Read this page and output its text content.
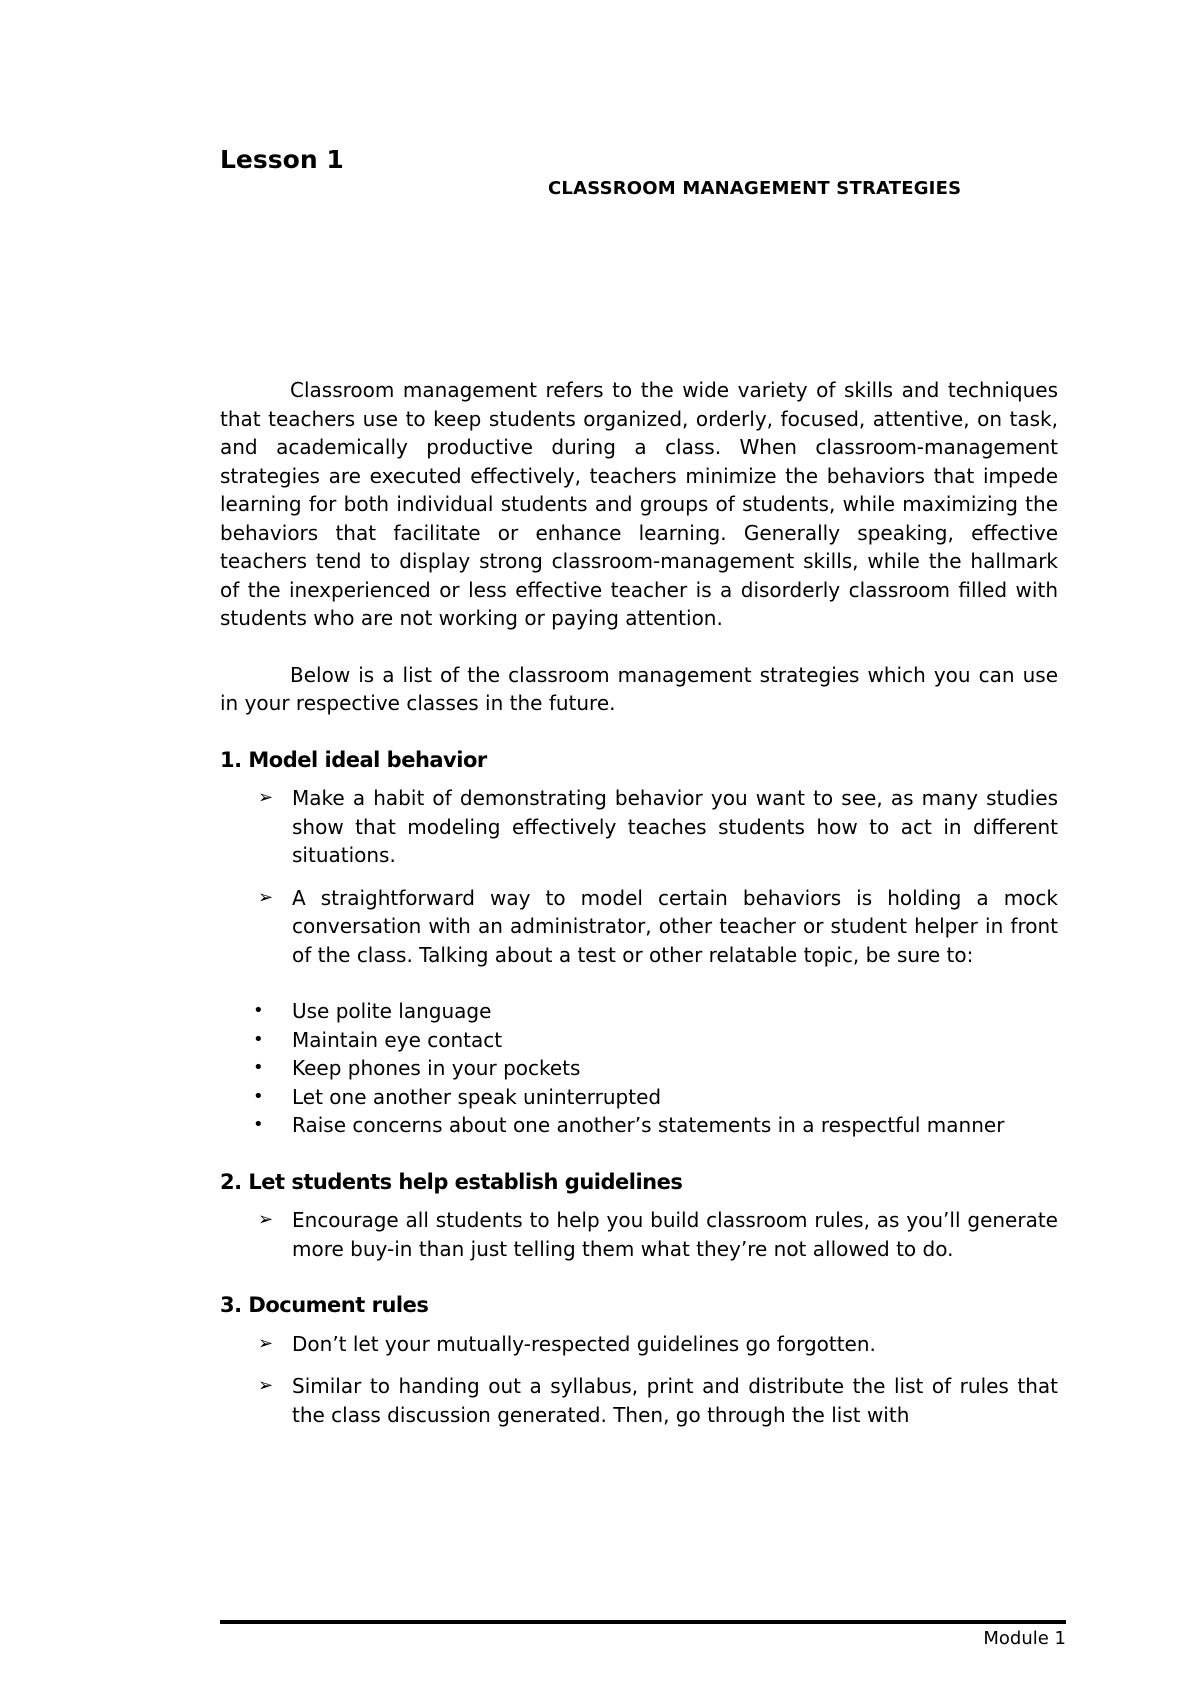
Lesson 1
CLASSROOM MANAGEMENT STRATEGIES

Classroom management refers to the wide variety of skills and techniques that teachers use to keep students organized, orderly, focused, attentive, on task, and academically productive during a class. When classroom-management strategies are executed effectively, teachers minimize the behaviors that impede learning for both individual students and groups of students, while maximizing the behaviors that facilitate or enhance learning. Generally speaking, effective teachers tend to display strong classroom-management skills, while the hallmark of the inexperienced or less effective teacher is a disorderly classroom filled with students who are not working or paying attention.

Below is a list of the classroom management strategies which you can use in your respective classes in the future.

1. Model ideal behavior

➢ Make a habit of demonstrating behavior you want to see, as many studies show that modeling effectively teaches students how to act in different situations.

➢ A straightforward way to model certain behaviors is holding a mock conversation with an administrator, other teacher or student helper in front of the class. Talking about a test or other relatable topic, be sure to:

• Use polite language

• Maintain eye contact

• Keep phones in your pockets

• Let one another speak uninterrupted

• Raise concerns about one another’s statements in a respectful manner

2. Let students help establish guidelines

➢ Encourage all students to help you build classroom rules, as you’ll generate more buy-in than just telling them what they’re not allowed to do.

3. Document rules

➢ Don’t let your mutually-respected guidelines go forgotten.

➢ Similar to handing out a syllabus, print and distribute the list of rules that the class discussion generated. Then, go through the list with

Module 1
